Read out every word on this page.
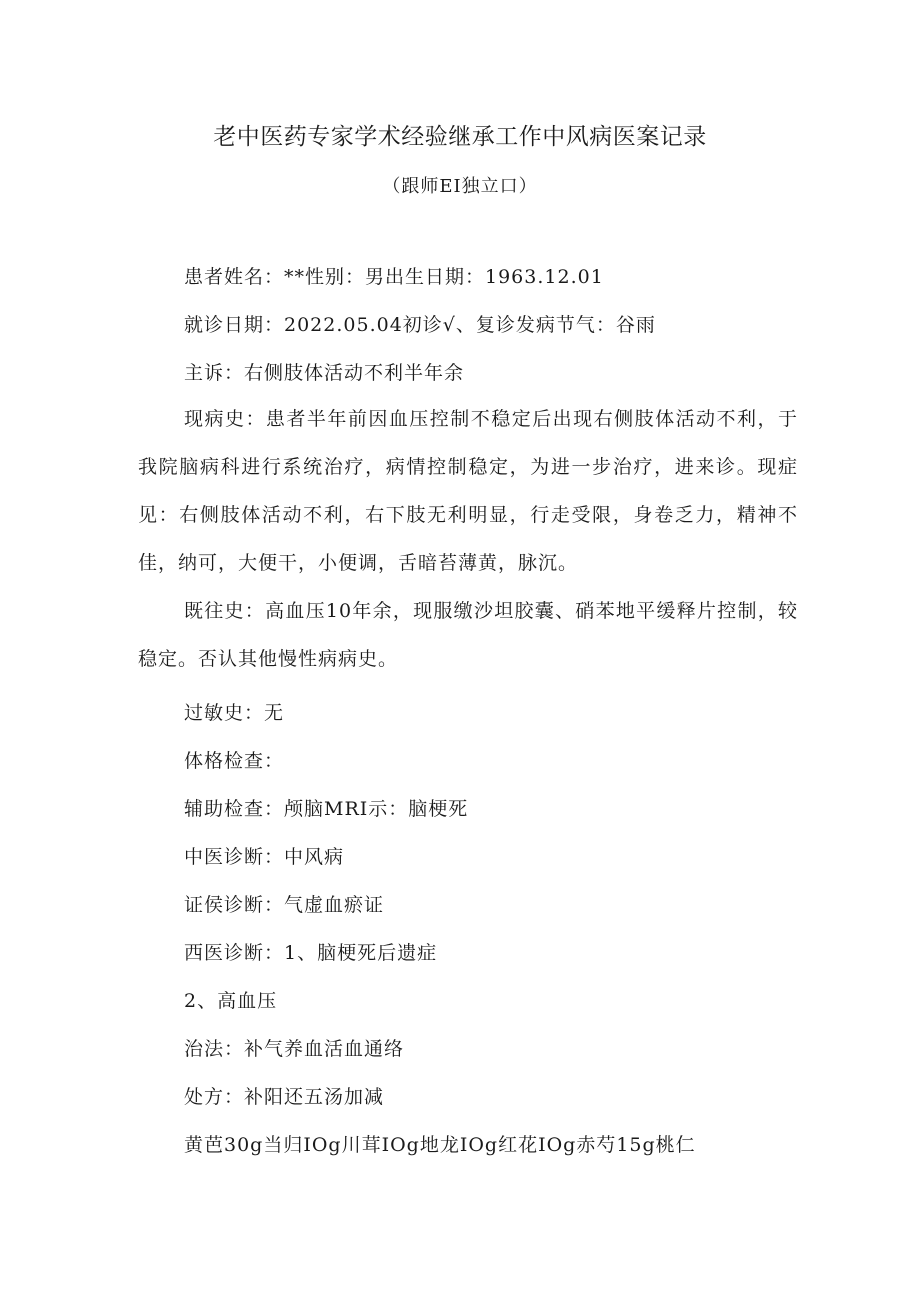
老中医药专家学术经验继承工作中风病医案记录
（跟师EI独立口）
患者姓名：**性别：男出生日期：1963.12.01
就诊日期：2022.05.04初诊√、复诊发病节气：谷雨
主诉：右侧肢体活动不利半年余
现病史：患者半年前因血压控制不稳定后出现右侧肢体活动不利，于我院脑病科进行系统治疗，病情控制稳定，为进一步治疗，进来诊。现症见：右侧肢体活动不利，右下肢无利明显，行走受限，身卷乏力，精神不佳，纳可，大便干，小便调，舌暗苔薄黄，脉沉。
既往史：高血压10年余，现服缴沙坦胶囊、硝苯地平缓释片控制，较稳定。否认其他慢性病病史。
过敏史：无
体格检查：
辅助检查：颅脑MRI示：脑梗死
中医诊断：中风病
证侯诊断：气虚血瘀证
西医诊断：1、脑梗死后遗症
2、高血压
治法：补气养血活血通络
处方：补阳还五汤加减
黄芭30g当归IOg川茸IOg地龙IOg红花IOg赤芍15g桃仁
